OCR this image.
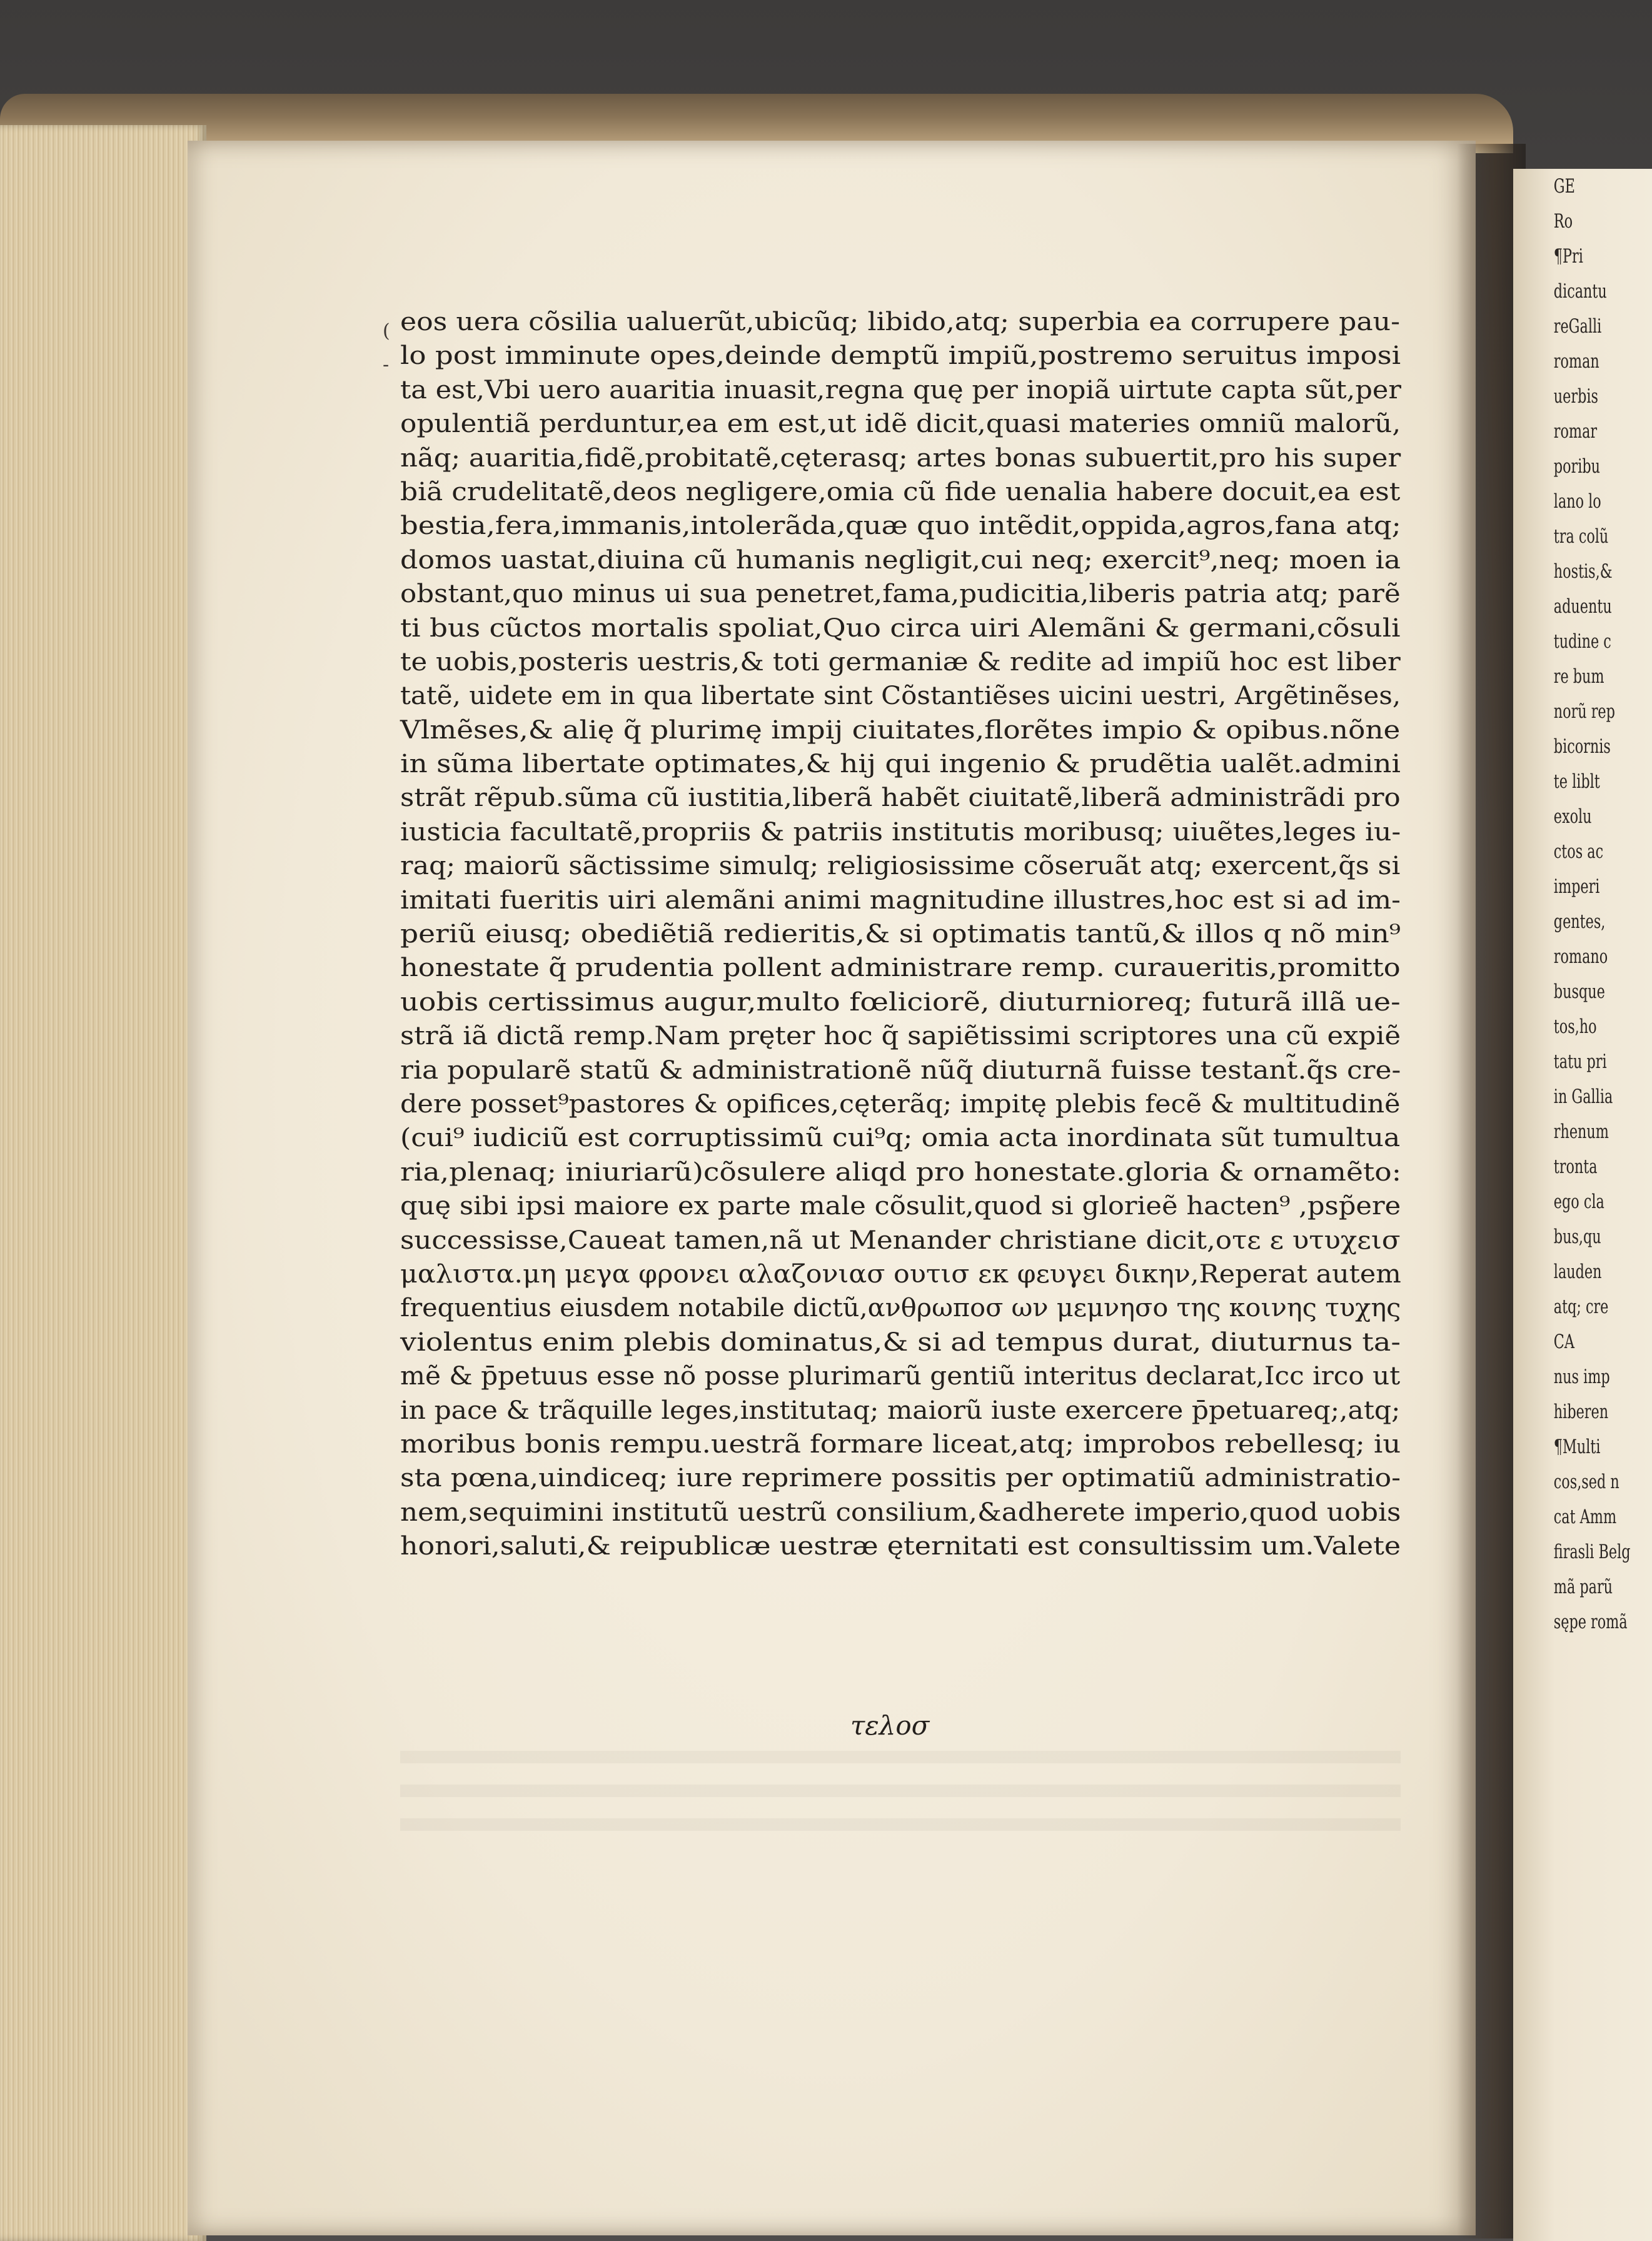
(
-
eos uera cõsilia ualuerũt,ubicũq; libido,atq; superbia ea corrupere pau-
lo post imminute opes,deinde demptũ impiũ,postremo seruitus imposi
ta est,Vbi uero auaritia inuasit,regna quę per inopiã uirtute capta sũt,per
opulentiã perduntur,ea em est,ut idẽ dicit,quasi materies omniũ malorũ,
nãq; auaritia,fidẽ,probitatẽ,cęterasq; artes bonas subuertit,pro his super
biã crudelitatẽ,deos negligere,omia cũ fide uenalia habere docuit,ea est
bestia,fera,immanis,intolerãda,quæ quo intẽdit,oppida,agros,fana atq;
domos uastat,diuina cũ humanis negligit,cui neq; exercit⁹,neq; moen ia
obstant,quo minus ui sua penetret,fama,pudicitia,liberis patria atq; parẽ
ti bus cũctos mortalis spoliat,Quo circa uiri Alemãni & germani,cõsuli
te uobis,posteris uestris,& toti germaniæ & redite ad impiũ hoc est liber
tatẽ, uidete em in qua libertate sint Cõstantiẽses uicini uestri, Argẽtinẽses,
Vlmẽses,& alię q̃ plurimę impij ciuitates,florẽtes impio & opibus.nõne
in sũma libertate optimates,& hij qui ingenio & prudẽtia ualẽt.admini
strãt rẽpub.sũma cũ iustitia,liberã habẽt ciuitatẽ,liberã administrãdi pro
iusticia facultatẽ,propriis & patriis institutis moribusq; uiuẽtes,leges iu-
raq; maiorũ sãctissime simulq; religiosissime cõseruãt atq; exercent,q̃s si
imitati fueritis uiri alemãni animi magnitudine illustres,hoc est si ad im-
periũ eiusq; obediẽtiã redieritis,& si optimatis tantũ,& illos q nõ min⁹
honestate q̃ prudentia pollent administrare remp. curaueritis,promitto
uobis certissimus augur,multo fœliciorẽ, diuturnioreq; futurã illã ue-
strã iã dictã remp.Nam pręter hoc q̃ sapiẽtissimi scriptores una cũ expiẽ
ria popularẽ statũ & administrationẽ nũq̃ diuturnã fuisse testant̃.q̃s cre-
dere posset⁹pastores & opifices,cęterãq; impitę plebis fecẽ & multitudinẽ
(cui⁹ iudiciũ est corruptissimũ cui⁹q; omia acta inordinata sũt tumultua
ria,plenaq; iniuriarũ)cõsulere aliqd pro honestate.gloria & ornamẽto:
quę sibi ipsi maiore ex parte male cõsulit,quod si glorieẽ hacten⁹ ,psp̃ere
successisse,Caueat tamen,nã ut Menander christiane dicit,οτε ε υτυχεισ
μαλιστα.μη μεγα φρονει αλαζονιασ ουτισ εκ φευγει δικην,Reperat autem
frequentius eiusdem notabile dictũ,ανθρωποσ ων μεμνησο της κοινης τυχης
violentus enim plebis dominatus,& si ad tempus durat, diuturnus ta-
mẽ & p̄petuus esse nõ posse plurimarũ gentiũ interitus declarat,Icc irco ut
in pace & trãquille leges,institutaq; maiorũ iuste exercere p̄petuareq;,atq;
moribus bonis rempu.uestrã formare liceat,atq; improbos rebellesq; iu
sta pœna,uindiceq; iure reprimere possitis per optimatiũ administratio-
nem,sequimini institutũ uestrũ consilium,&adherete imperio,quod uobis
honori,saluti,& reipublicæ uestræ ęternitati est consultissim um.Valete
τελοσ
GE
Ro
¶Pri
dicantu
reGalli
roman
uerbis
romar
poribu
lano lo
tra colũ
hostis,&
aduentu
tudine c
re bum
norũ rep
bicornis
te liblt
exolu
ctos ac
imperi
gentes,
romano
busque
tos,ho
tatu pri
in Gallia
rhenum
tronta
ego cla
bus,qu
lauden
atq; cre
CA
nus imp
hiberen
¶Multi
cos,sed n
cat Amm
firasli Belg
mã parũ
sępe romã
